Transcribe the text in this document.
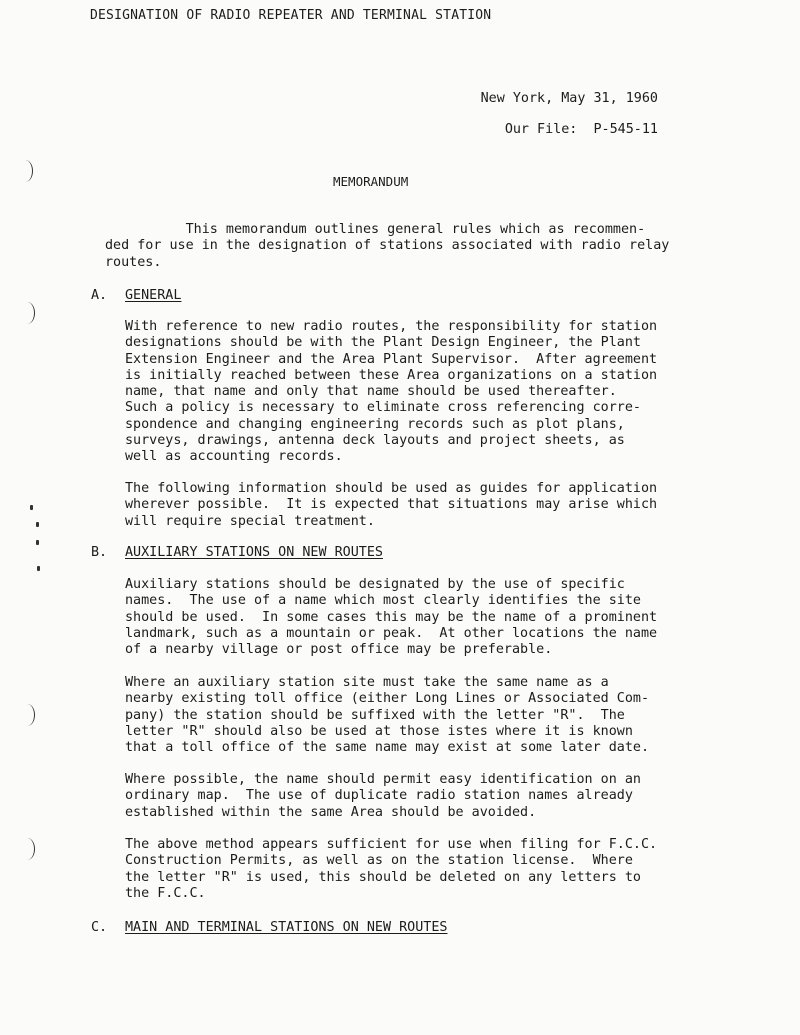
DESIGNATION OF RADIO REPEATER AND TERMINAL STATION
New York, May 31, 1960
Our File:  P-545-11
MEMORANDUM
This memorandum outlines general rules which as recommen-
ded for use in the designation of stations associated with radio relay
routes.
A. GENERAL
With reference to new radio routes, the responsibility for station
designations should be with the Plant Design Engineer, the Plant
Extension Engineer and the Area Plant Supervisor.  After agreement
is initially reached between these Area organizations on a station
name, that name and only that name should be used thereafter.
Such a policy is necessary to eliminate cross referencing corre-
spondence and changing engineering records such as plot plans,
surveys, drawings, antenna deck layouts and project sheets, as
well as accounting records.
The following information should be used as guides for application
wherever possible.  It is expected that situations may arise which
will require special treatment.
B. AUXILIARY STATIONS ON NEW ROUTES
Auxiliary stations should be designated by the use of specific
names.  The use of a name which most clearly identifies the site
should be used.  In some cases this may be the name of a prominent
landmark, such as a mountain or peak.  At other locations the name
of a nearby village or post office may be preferable.
Where an auxiliary station site must take the same name as a
nearby existing toll office (either Long Lines or Associated Com-
pany) the station should be suffixed with the letter "R".  The
letter "R" should also be used at those istes where it is known
that a toll office of the same name may exist at some later date.
Where possible, the name should permit easy identification on an
ordinary map.  The use of duplicate radio station names already
established within the same Area should be avoided.
The above method appears sufficient for use when filing for F.C.C.
Construction Permits, as well as on the station license.  Where
the letter "R" is used, this should be deleted on any letters to
the F.C.C.
C. MAIN AND TERMINAL STATIONS ON NEW ROUTES
